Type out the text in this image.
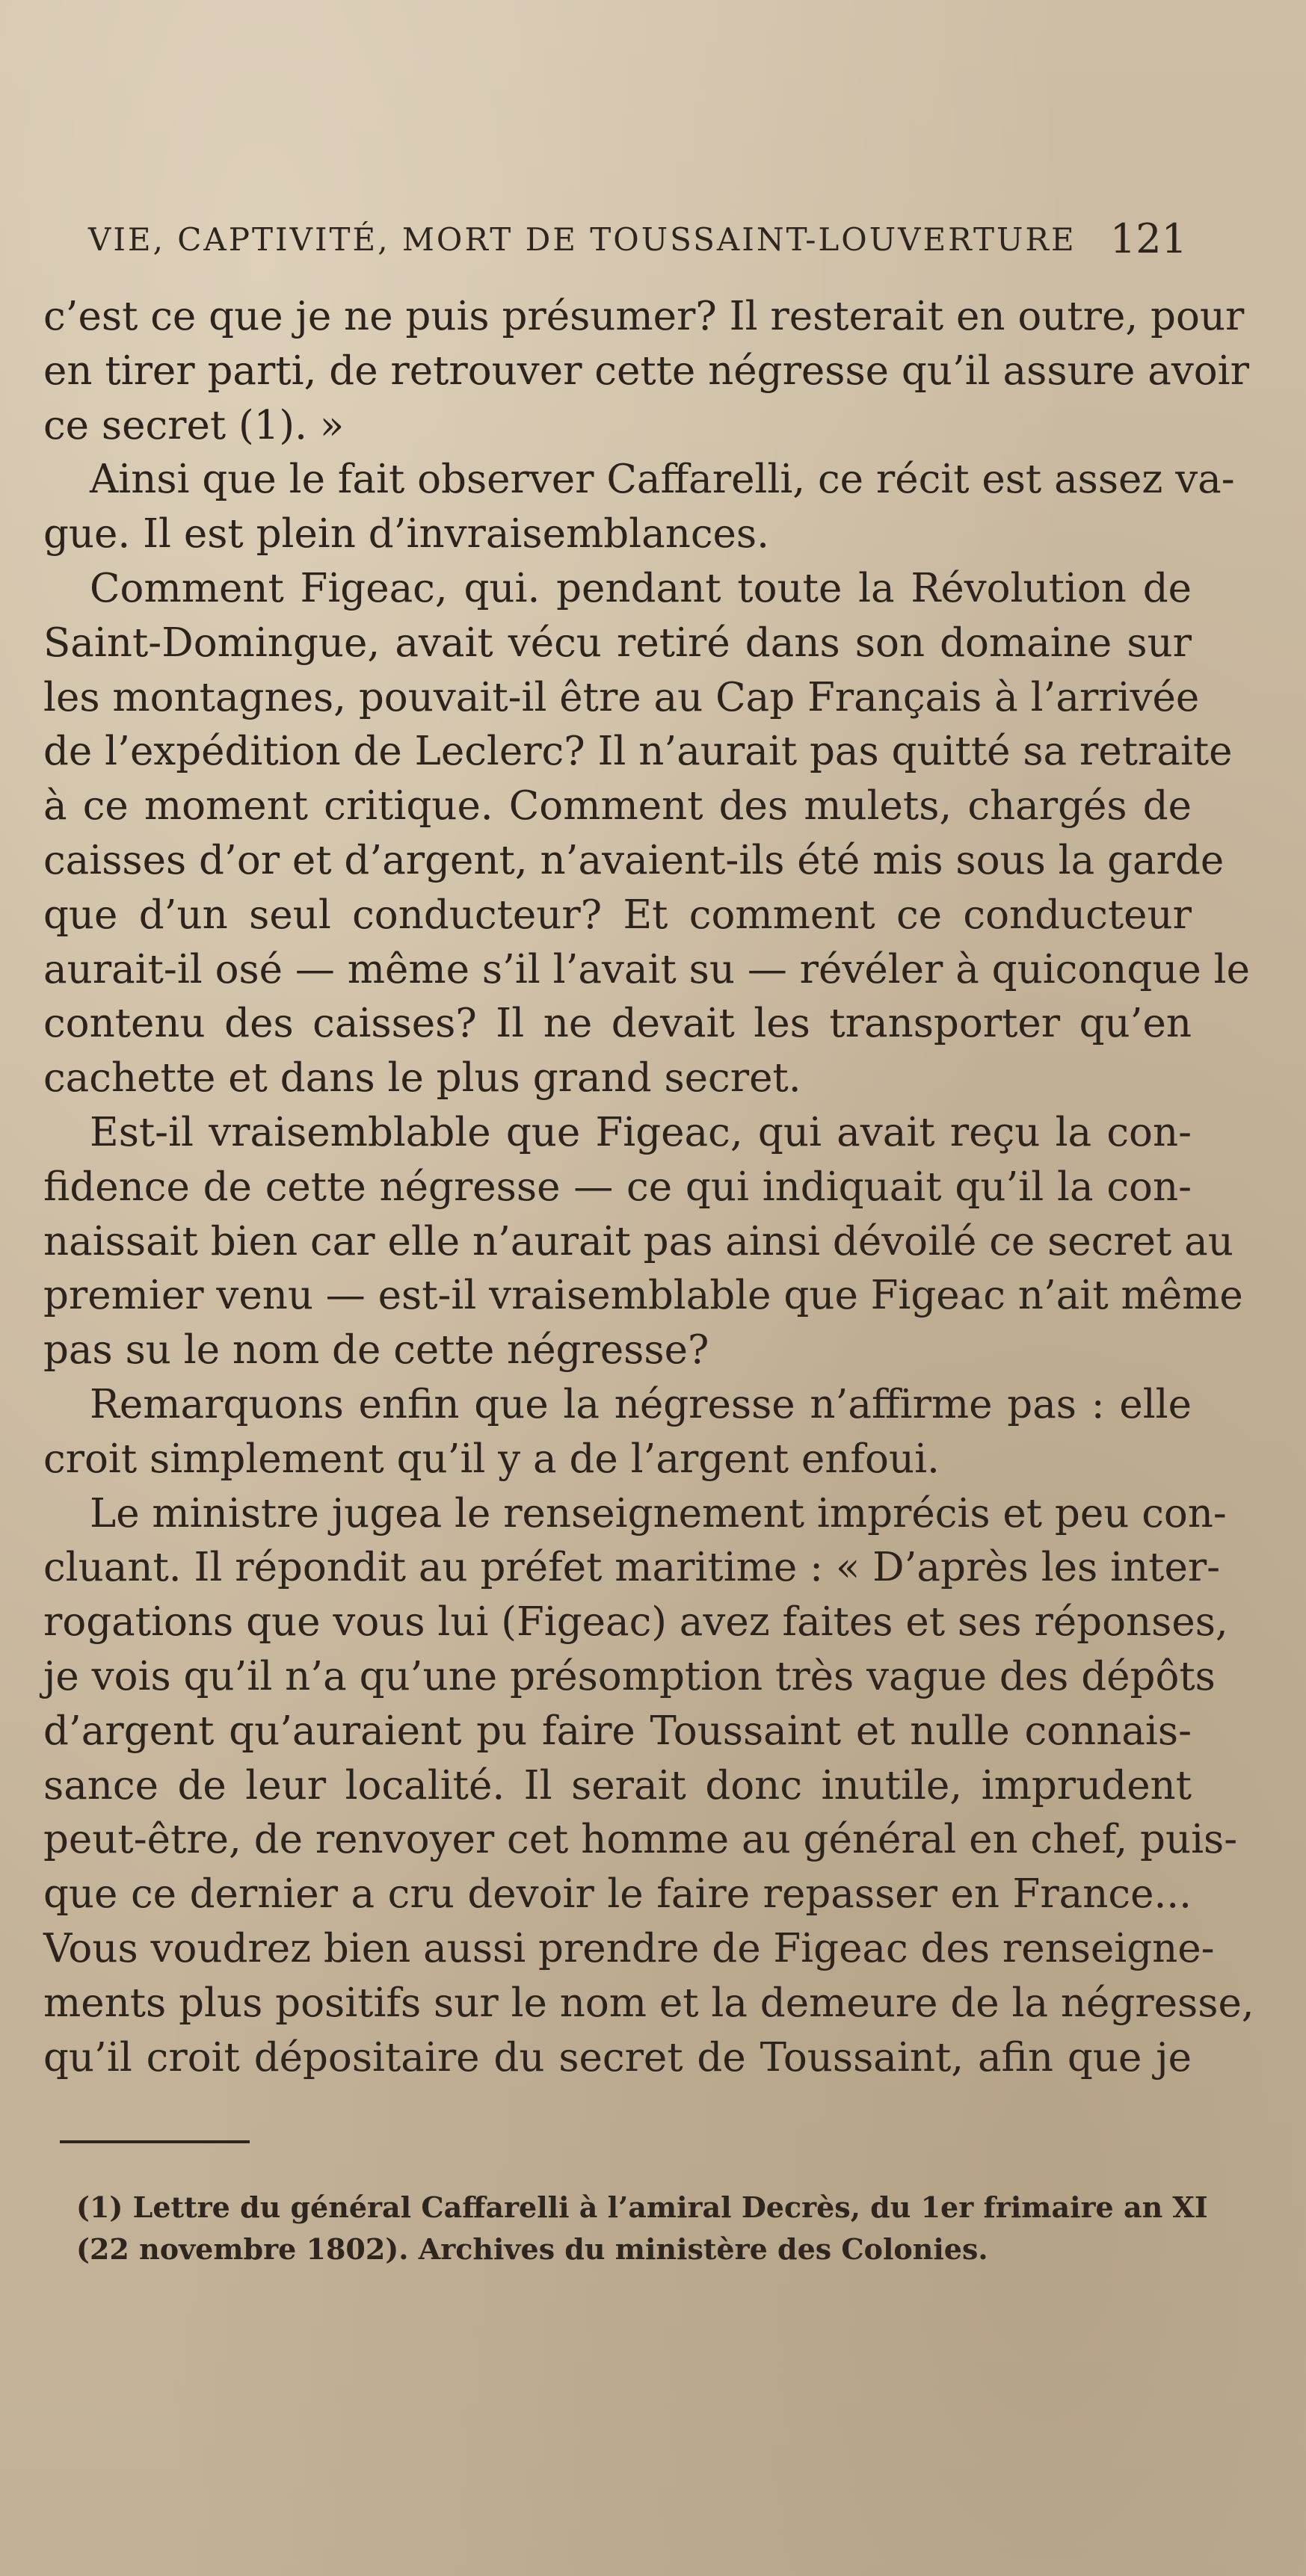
VIE, CAPTIVITÉ, MORT DE TOUSSAINT-LOUVERTURE 121
c’est ce que je ne puis présumer? Il resterait en outre, pour
en tirer parti, de retrouver cette négresse qu’il assure avoir
ce secret (1). »
Ainsi que le fait observer Caffarelli, ce récit est assez va-
gue. Il est plein d’invraisemblances.
Comment Figeac, qui. pendant toute la Révolution de
Saint-Domingue, avait vécu retiré dans son domaine sur
les montagnes, pouvait-il être au Cap Français à l’arrivée
de l’expédition de Leclerc? Il n’aurait pas quitté sa retraite
à ce moment critique. Comment des mulets, chargés de
caisses d’or et d’argent, n’avaient-ils été mis sous la garde
que d’un seul conducteur? Et comment ce conducteur
aurait-il osé — même s’il l’avait su — révéler à quiconque le
contenu des caisses? Il ne devait les transporter qu’en
cachette et dans le plus grand secret.
Est-il vraisemblable que Figeac, qui avait reçu la con-
fidence de cette négresse — ce qui indiquait qu’il la con-
naissait bien car elle n’aurait pas ainsi dévoilé ce secret au
premier venu — est-il vraisemblable que Figeac n’ait même
pas su le nom de cette négresse?
Remarquons enfin que la négresse n’affirme pas : elle
croit simplement qu’il y a de l’argent enfoui.
Le ministre jugea le renseignement imprécis et peu con-
cluant. Il répondit au préfet maritime : « D’après les inter-
rogations que vous lui (Figeac) avez faites et ses réponses,
je vois qu’il n’a qu’une présomption très vague des dépôts
d’argent qu’auraient pu faire Toussaint et nulle connais-
sance de leur localité. Il serait donc inutile, imprudent
peut-être, de renvoyer cet homme au général en chef, puis-
que ce dernier a cru devoir le faire repasser en France...
Vous voudrez bien aussi prendre de Figeac des renseigne-
ments plus positifs sur le nom et la demeure de la négresse,
qu’il croit dépositaire du secret de Toussaint, afin que je
(1) Lettre du général Caffarelli à l’amiral Decrès, du 1er frimaire an XI
(22 novembre 1802). Archives du ministère des Colonies.
